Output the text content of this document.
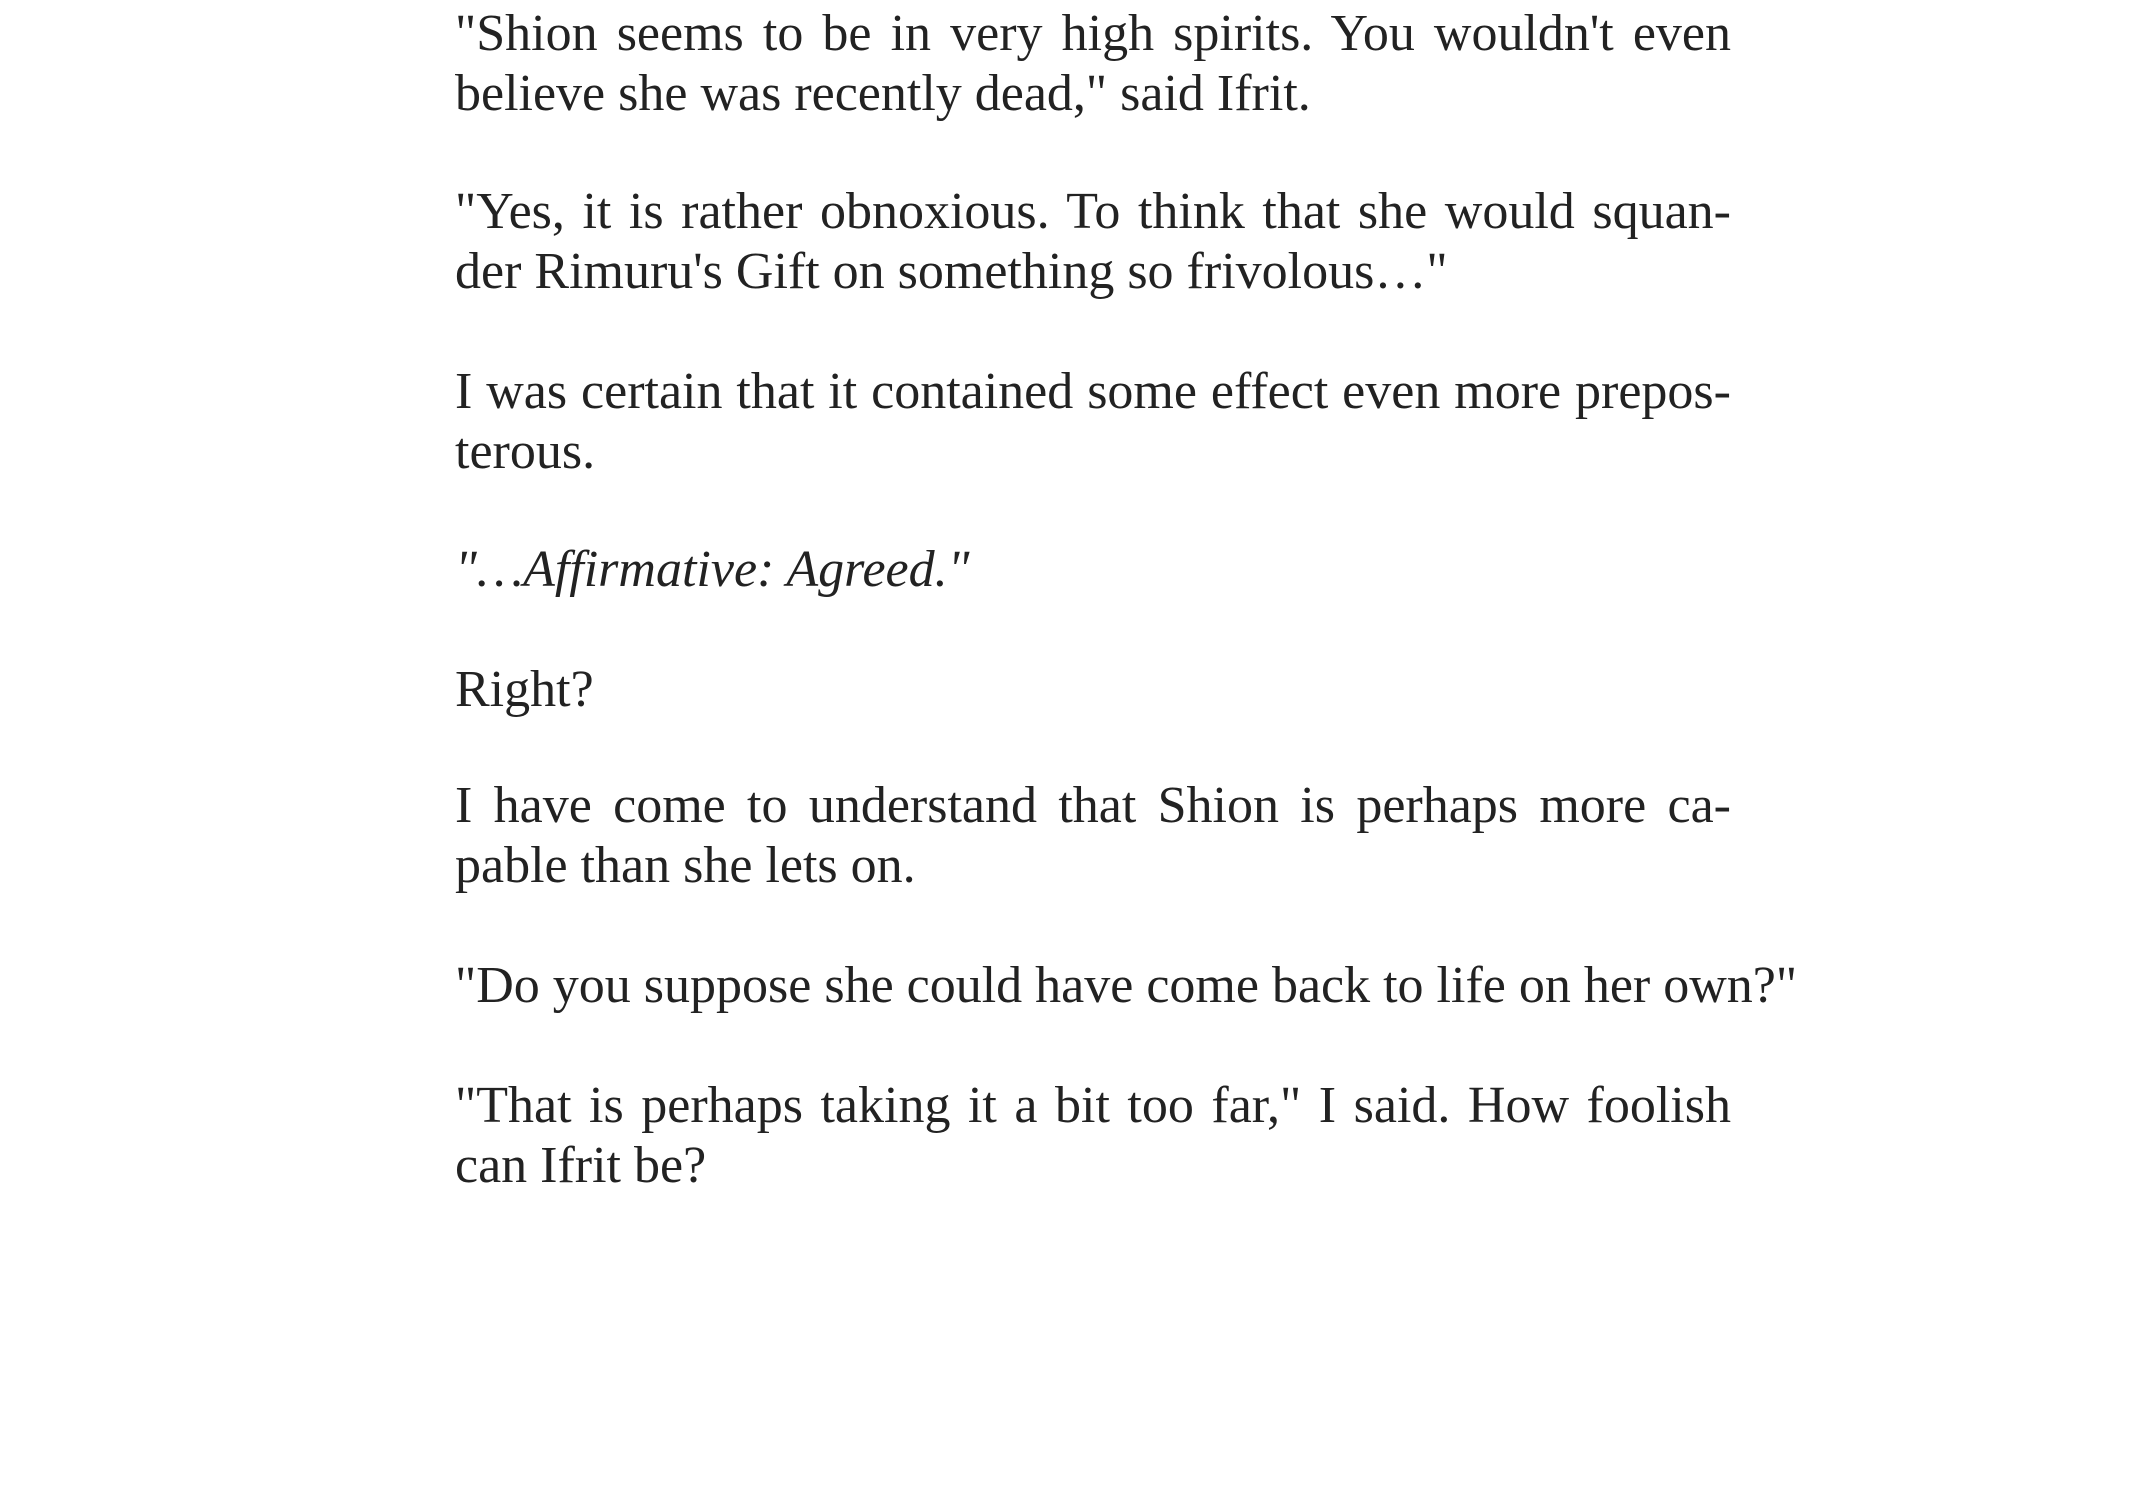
"Shion seems to be in very high spirits. You wouldn't even
believe she was recently dead," said Ifrit.

"Yes, it is rather obnoxious. To think that she would squan-
der Rimuru's Gift on something so frivolous…"

I was certain that it contained some effect even more prepos-
terous.

"…Affirmative: Agreed."

Right?

I have come to understand that Shion is perhaps more ca-
pable than she lets on.

"Do you suppose she could have come back to life on her own?"

"That is perhaps taking it a bit too far," I said. How foolish
can Ifrit be?
